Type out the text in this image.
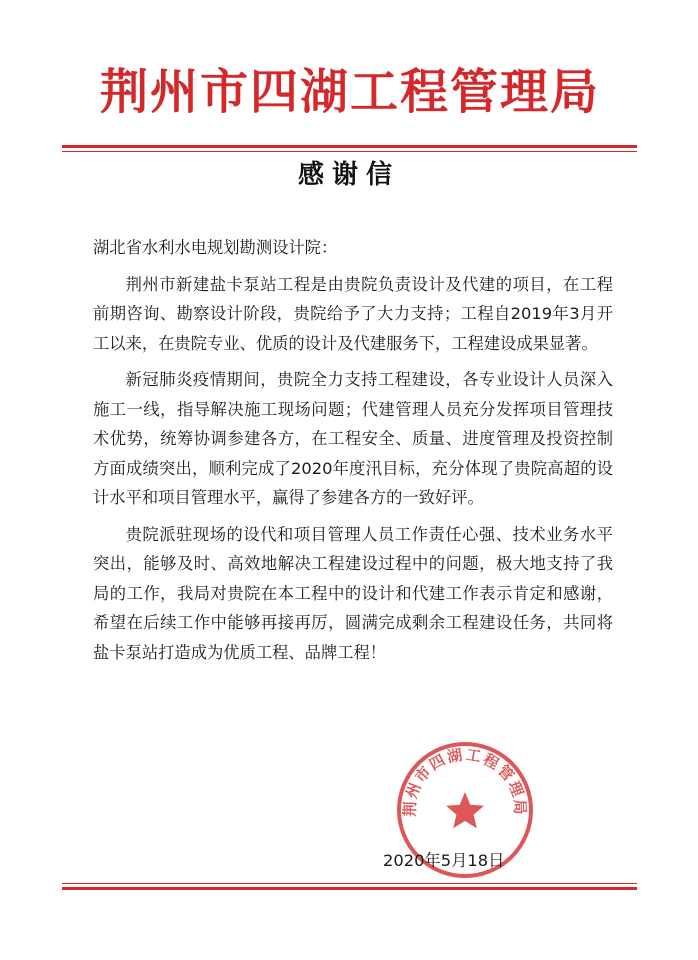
荆州市四湖工程管理局
感谢信

湖北省水利水电规划勘测设计院：

荆州市新建盐卡泵站工程是由贵院负责设计及代建的项目，在工程前期咨询、勘察设计阶段，贵院给予了大力支持；工程自2019年3月开工以来，在贵院专业、优质的设计及代建服务下，工程建设成果显著。

新冠肺炎疫情期间，贵院全力支持工程建设，各专业设计人员深入施工一线，指导解决施工现场问题；代建管理人员充分发挥项目管理技术优势，统筹协调参建各方，在工程安全、质量、进度管理及投资控制方面成绩突出，顺利完成了2020年度汛目标，充分体现了贵院高超的设计水平和项目管理水平，赢得了参建各方的一致好评。

贵院派驻现场的设代和项目管理人员工作责任心强、技术业务水平突出，能够及时、高效地解决工程建设过程中的问题，极大地支持了我局的工作，我局对贵院在本工程中的设计和代建工作表示肯定和感谢，希望在后续工作中能够再接再厉，圆满完成剩余工程建设任务，共同将盐卡泵站打造成为优质工程、品牌工程！

荆州市四湖工程管理局
2020年5月18日
